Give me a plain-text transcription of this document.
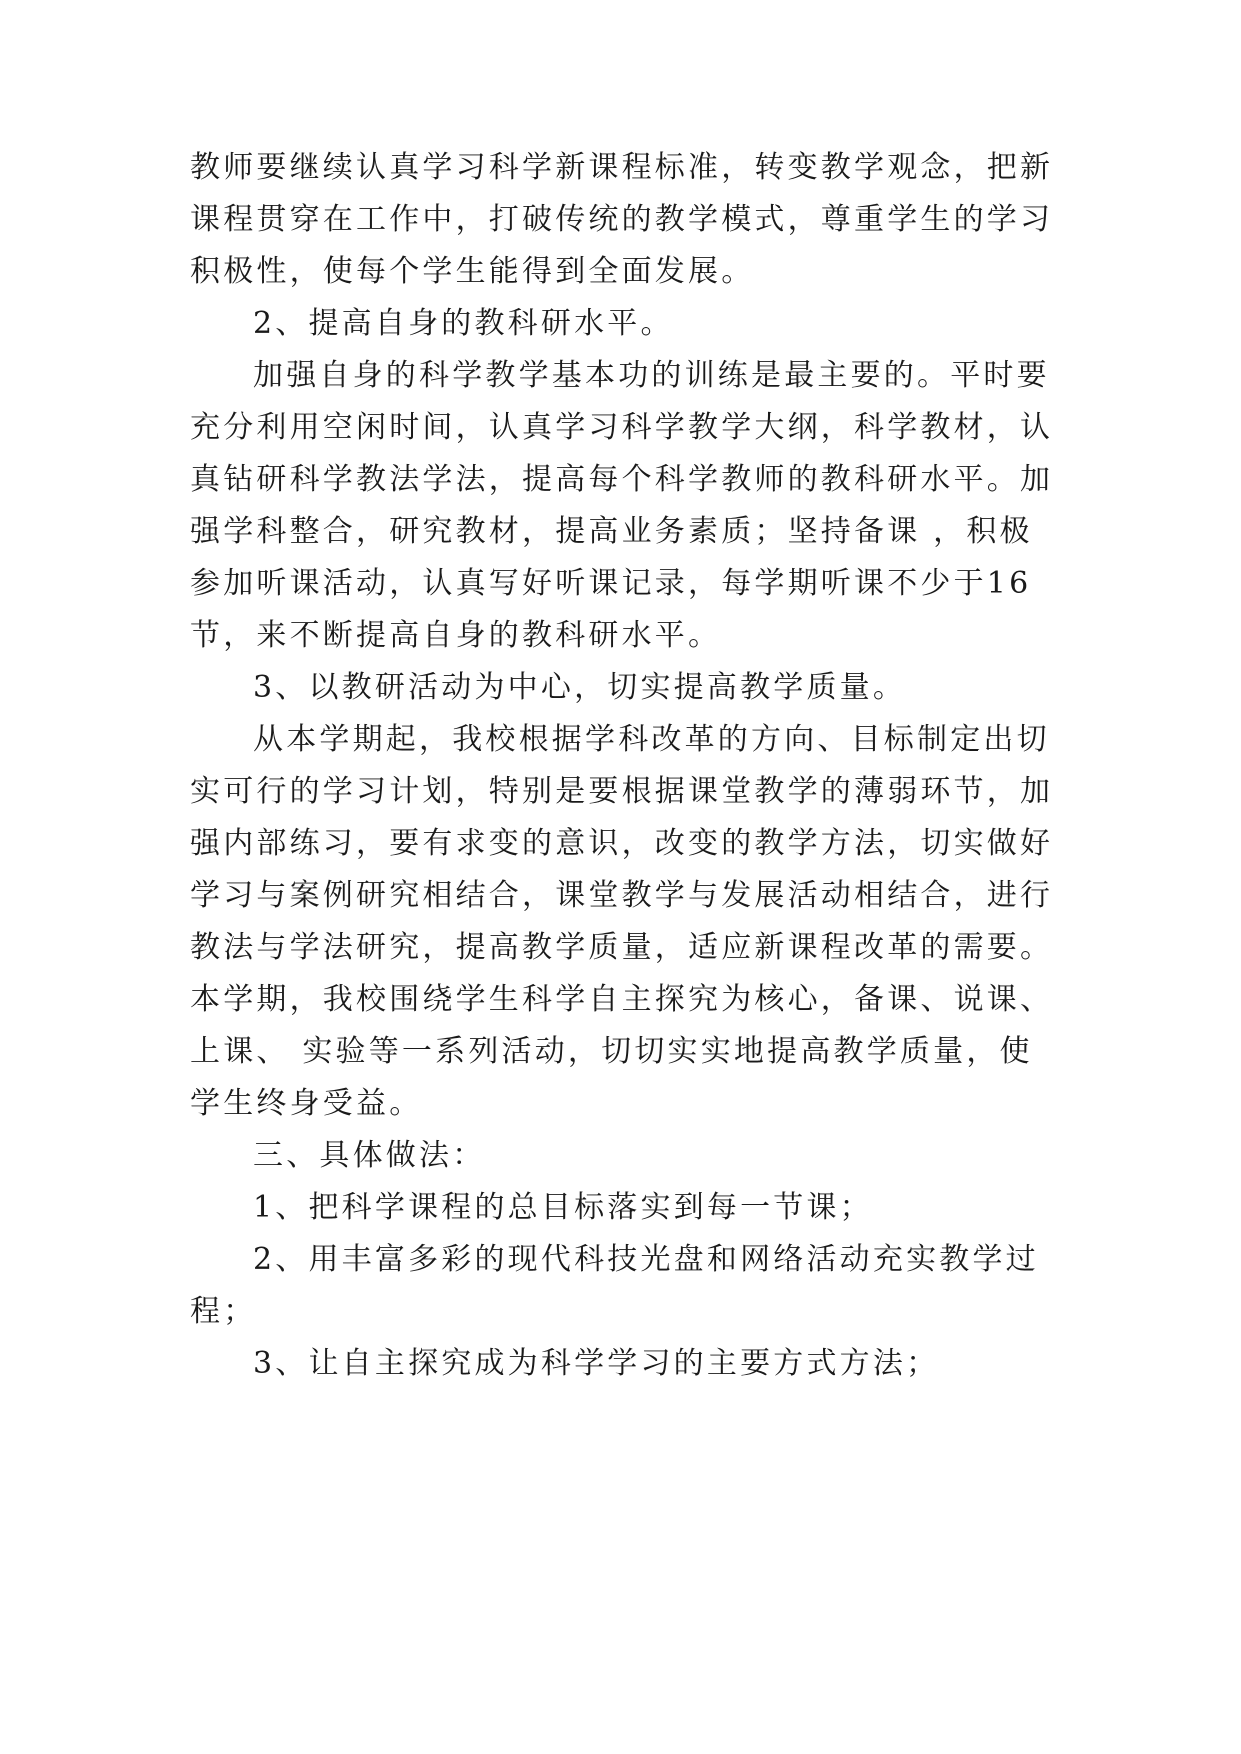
教师要继续认真学习科学新课程标准，转变教学观念，把新
课程贯穿在工作中，打破传统的教学模式，尊重学生的学习
积极性，使每个学生能得到全面发展。
2、提高自身的教科研水平。
加强自身的科学教学基本功的训练是最主要的。平时要
充分利用空闲时间，认真学习科学教学大纲，科学教材，认
真钻研科学教法学法，提高每个科学教师的教科研水平。加
强学科整合，研究教材，提高业务素质；坚持备课 ，积极
参加听课活动，认真写好听课记录，每学期听课不少于16
节，来不断提高自身的教科研水平。
3、以教研活动为中心，切实提高教学质量。
从本学期起，我校根据学科改革的方向、目标制定出切
实可行的学习计划，特别是要根据课堂教学的薄弱环节，加
强内部练习，要有求变的意识，改变的教学方法，切实做好
学习与案例研究相结合，课堂教学与发展活动相结合，进行
教法与学法研究，提高教学质量，适应新课程改革的需要。
本学期，我校围绕学生科学自主探究为核心，备课、说课、
上课、 实验等一系列活动，切切实实地提高教学质量，使
学生终身受益。
三、具体做法：
1、把科学课程的总目标落实到每一节课；
2、用丰富多彩的现代科技光盘和网络活动充实教学过
程；
3、让自主探究成为科学学习的主要方式方法；
